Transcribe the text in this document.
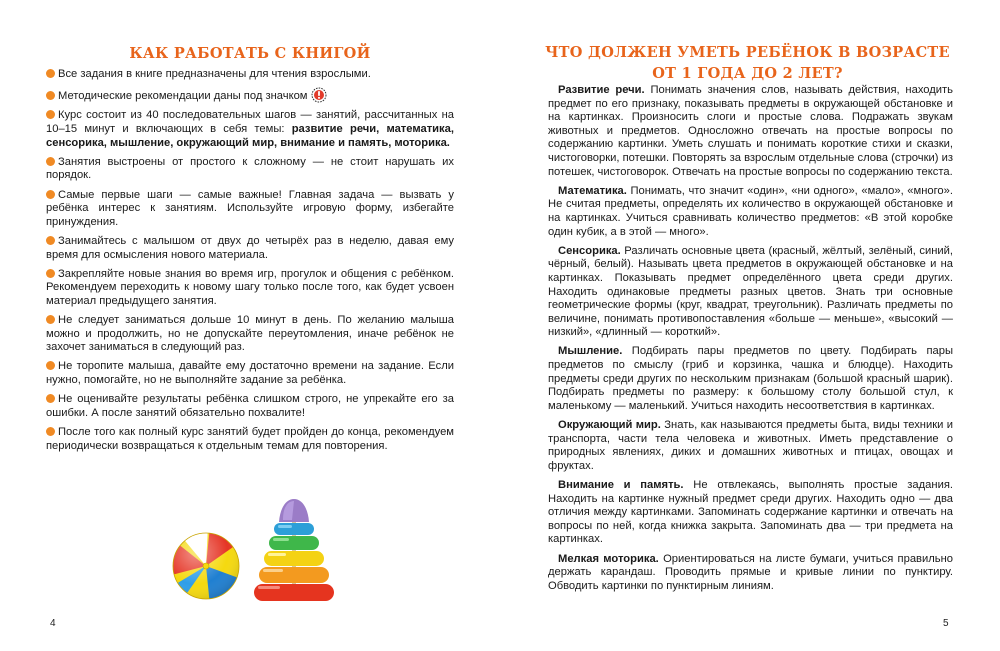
КАК РАБОТАТЬ С КНИГОЙ

Все задания в книге предназначены для чтения взрослыми.

Методические рекомендации даны под значком

Курс состоит из 40 последовательных шагов — занятий, рассчитанных на 10–15 минут и включающих в себя темы: развитие речи, математика, сенсорика, мышление, окружающий мир, внимание и память, моторика.

Занятия выстроены от простого к сложному — не стоит нарушать их порядок.

Самые первые шаги — самые важные! Главная задача — вызвать у ребёнка интерес к занятиям. Используйте игровую форму, избегайте принуждения.

Занимайтесь с малышом от двух до четырёх раз в неделю, давая ему время для осмысления нового материала.

Закрепляйте новые знания во время игр, прогулок и общения с ребёнком. Рекомендуем переходить к новому шагу только после того, как будет усвоен материал предыдущего занятия.

Не следует заниматься дольше 10 минут в день. По желанию малыша можно и продолжить, но не допускайте переутомления, иначе ребёнок не захочет заниматься в следующий раз.

Не торопите малыша, давайте ему достаточно времени на задание. Если нужно, помогайте, но не выполняйте задание за ребёнка.

Не оценивайте результаты ребёнка слишком строго, не упрекайте его за ошибки. А после занятий обязательно похвалите!

После того как полный курс занятий будет пройден до конца, рекомендуем периодически возвращаться к отдельным темам для повторения.

4
ЧТО ДОЛЖЕН УМЕТЬ РЕБЁНОК В ВОЗРАСТЕ
ОТ 1 ГОДА ДО 2 ЛЕТ?

Развитие речи. Понимать значения слов, называть действия, находить предмет по его признаку, показывать предметы в окружающей обстановке и на картинках. Произносить слоги и простые слова. Подражать звукам животных и предметов. Односложно отвечать на простые вопросы по содержанию картинки. Уметь слушать и понимать короткие стихи и сказки, чистоговорки, потешки. Повторять за взрослым отдельные слова (строчки) из потешек, чистоговорок. Отвечать на простые вопросы по содержанию текста.

Математика. Понимать, что значит «один», «ни одного», «мало», «много». Не считая предметы, определять их количество в окружающей обстановке и на картинках. Учиться сравнивать количество предметов: «В этой коробке один кубик, а в этой — много».

Сенсорика. Различать основные цвета (красный, жёлтый, зелёный, синий, чёрный, белый). Называть цвета предметов в окружающей обстановке и на картинках. Показывать предмет определённого цвета среди других. Находить одинаковые предметы разных цветов. Знать три основные геометрические формы (круг, квадрат, треугольник). Различать предметы по величине, понимать противопоставления «больше — меньше», «высокий — низкий», «длинный — короткий».

Мышление. Подбирать пары предметов по цвету. Подбирать пары предметов по смыслу (гриб и корзинка, чашка и блюдце). Находить предметы среди других по нескольким признакам (большой красный шарик). Подбирать предметы по размеру: к большому столу большой стул, к маленькому — маленький. Учиться находить несоответствия в картинках.

Окружающий мир. Знать, как называются предметы быта, виды техники и транспорта, части тела человека и животных. Иметь представление о природных явлениях, диких и домашних животных и птицах, овощах и фруктах.

Внимание и память. Не отвлекаясь, выполнять простые задания. Находить на картинке нужный предмет среди других. Находить одно — два отличия между картинками. Запоминать содержание картинки и отвечать на вопросы по ней, когда книжка закрыта. Запоминать два — три предмета на картинках.

Мелкая моторика. Ориентироваться на листе бумаги, учиться правильно держать карандаш. Проводить прямые и кривые линии по пунктиру. Обводить картинки по пунктирным линиям.

5
